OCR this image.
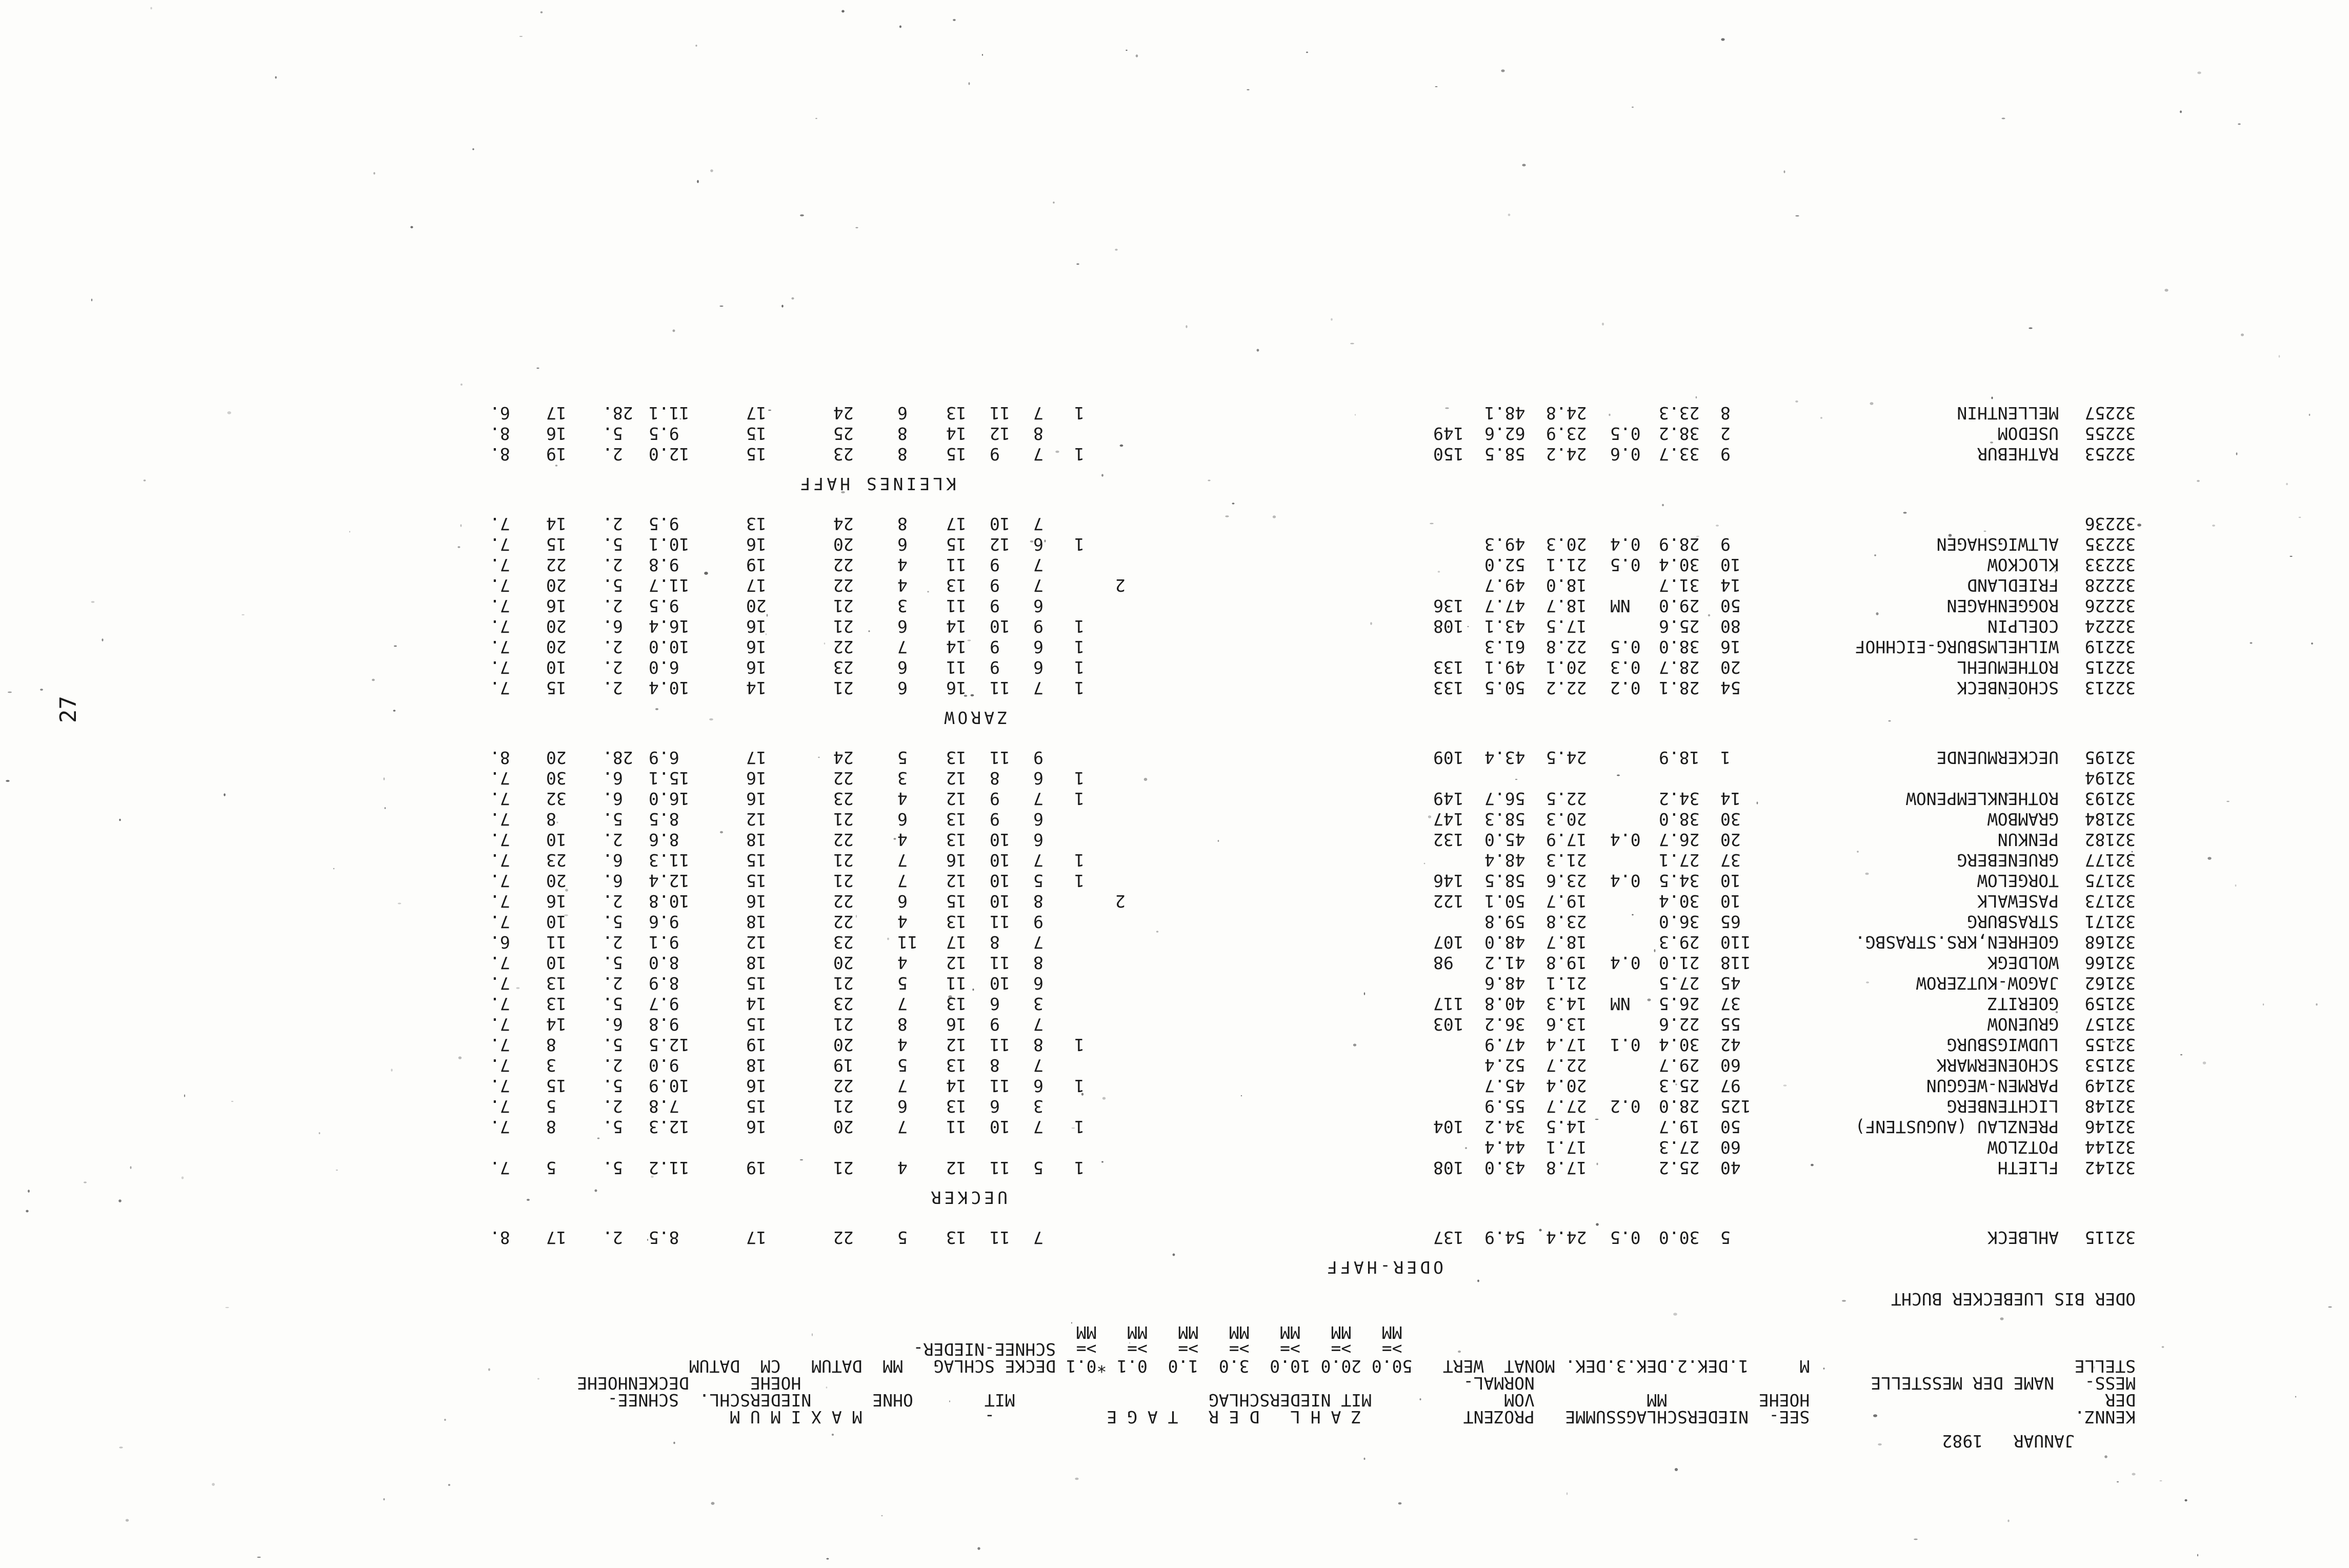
27

JANUAR   1982

KENNZ.                          SEE-  NIEDERSCHLAGSSUMME   PROZENT          Z A H L   D E R   T A G E           -            M A X I M U M

DER                             HOEHE         MM           VOM             MIT NIEDERSCHLAG                   MIT       OHNE      NIEDERSCHL.  SCHNEE-

MESS-   NAME DER MESSTELLE                                 NORMAL-                                                                 HOEHE      DECKENHOEHE

STELLE                          M     1.DEK.2.DEK.3.DEK. MONAT  WERT   50.0 20.0 10.0  3.0  1.0  0.1 *0.1 DECKE SCHLAG   MM  DATUM   CM  DATUM

>=   >=   >=   >=   >=   >=   >=  SCHNEE-NIEDER-

MM   MM   MM   MM   MM   MM   MM

ODER BIS LUEBECKER BUCHT

ODER-HAFF
32115
AHLBECK
5
30.0
0.5
24.4
54.9
137
7
11
13
5
22
17
8.5
2.
17
8.
UECKER
32142
FLIETH
40
25.2
17.8
43.0
108
1
5
11
12
4
21
19
11.2
5.
5
7.
32144
POTZLOW
60
27.3
17.1
44.4
32146
PRENZLAU (AUGUSTENF)
50
19.7
14.5
34.2
104
1
7
10
11
7
20
16
12.3
5.
8
7.
32148
LICHTENBERG
125
28.0
0.2
27.7
55.9
3
6
13
6
21
15
7.8
2.
5
7.
32149
PARMEN-WEGGUN
97
25.3
20.4
45.7
1
6
11
14
7
22
16
10.9
5.
15
7.
32153
SCHOENERMARK
60
29.7
22.7
52.4
7
8
13
5
19
18
9.0
2.
3
7.
32155
LUDWIGSBURG
42
30.4
0.1
17.4
47.9
1
8
11
12
4
20
19
12.5
5.
8
7.
32157
GRUENOW
55
22.6
13.6
36.2
103
7
9
16
8
21
15
9.8
6.
14
7.
32159
GOERITZ
37
26.5
NM
14.3
40.8
117
3
6
13
7
23
14
9.7
5.
13
7.
32162
JAGOW-KUTZEROW
45
27.5
21.1
48.6
6
10
11
5
21
15
8.9
2.
13
7.
32166
WOLDEGK
118
21.0
0.4
19.8
41.2
98
8
11
12
4
20
18
8.0
5.
10
7.
32168
GOEHREN,KRS.STRASBG.
110
29.3
18.7
48.0
107
7
8
17
11
23
12
9.1
2.
11
6.
32171
STRASBURG
65
36.0
23.8
59.8
9
11
13
4
22
18
9.6
5.
10
7.
32173
PASEWALK
10
30.4
19.7
50.1
122
2
8
10
15
6
22
16
10.8
2.
16
7.
32175
TORGELOW
10
34.5
0.4
23.6
58.5
146
1
5
10
12
7
21
15
12.4
6.
20
7.
32177
GRUENEBERG
37
27.1
21.3
48.4
1
7
10
16
7
21
15
11.3
6.
23
7.
32182
PENKUN
20
26.7
0.4
17.9
45.0
132
6
10
13
4
22
18
8.6
2.
10
7.
32184
GRAMBOW
30
38.0
20.3
58.3
147
6
9
13
6
21
12
8.5
5.
8
7.
32193
ROTHENKLEMPENOW
14
34.2
22.5
56.7
149
1
7
9
12
4
23
16
16.0
6.
32
7.
32194
1
6
8
12
3
22
16
15.1
6.
30
7.
32195
UECKERMUENDE
1
18.9
24.5
43.4
109
9
11
13
5
24
17
6.9
28.
20
8.
ZAROW
32213
SCHOENBECK
54
28.1
0.2
22.2
50.5
133
1
7
11
16
6
21
14
10.4
2.
15
7.
32215
ROTHEMUEHL
20
28.7
0.3
20.1
49.1
133
1
6
9
11
6
23
16
6.0
2.
10
7.
32219
WILHELMSBURG-EICHHOF
16
38.0
0.5
22.8
61.3
1
6
9
14
7
22
16
10.0
2.
20
7.
32224
COELPIN
80
25.6
17.5
43.1
108
1
9
10
14
6
21
16
16.4
6.
20
7.
32226
ROGGENHAGEN
50
29.0
NM
18.7
47.7
136
6
9
11
3
21
20
9.5
2.
16
7.
32228
FRIEDLAND
14
31.7
18.0
49.7
2
7
9
13
4
22
17
11.7
5.
20
7.
32233
KLOCKOW
10
30.4
0.5
21.1
52.0
7
9
11
4
22
19
9.8
2.
22
7.
32235
ALTWIGSHAGEN
9
28.9
0.4
20.3
49.3
1
6
12
15
6
20
16
10.1
5.
15
7.
32236
7
10
17
8
24
13
9.5
2.
14
7.
KLEINES HAFF
32253
RATHEBUR
9
33.7
0.6
24.2
58.5
150
1
7
9
15
8
23
15
12.0
2.
19
8.
32255
USEDOM
2
38.2
0.5
23.9
62.6
149
8
12
14
8
25
15
9.5
5.
16
8.
32257
MELLENTHIN
8
23.3
24.8
48.1
1
7
11
13
6
24
17
11.1
28.
17
6.
